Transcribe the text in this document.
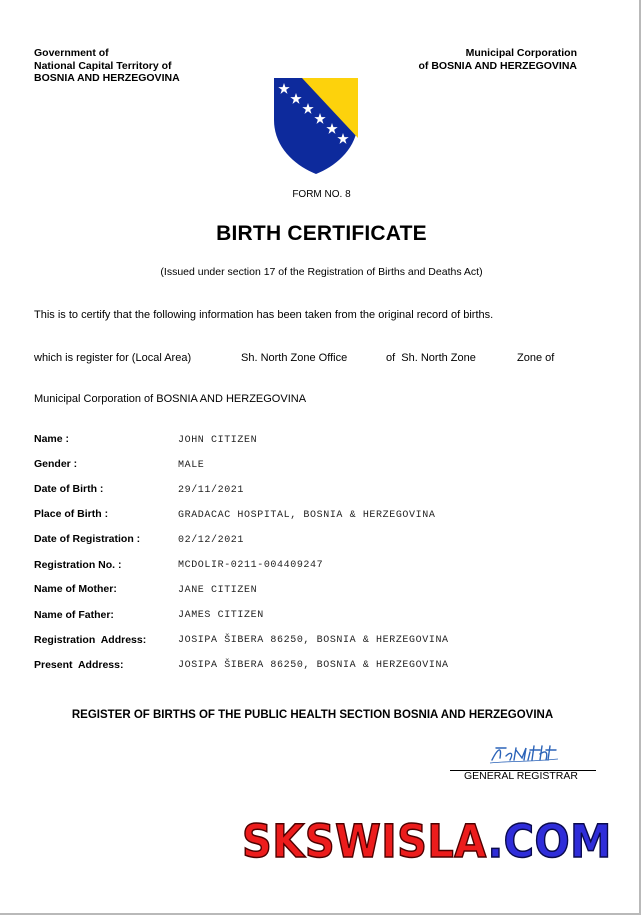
Government of
National Capital Territory of
BOSNIA AND HERZEGOVINA
Municipal Corporation
of BOSNIA AND HERZEGOVINA
FORM NO. 8
BIRTH CERTIFICATE
(Issued under section 17 of the Registration of Births and Deaths Act)
This is to certify that the following information has been taken from the original record of births.
which is register for (Local Area)	Sh. North Zone Office	of  Sh. North Zone	Zone of
Municipal Corporation of BOSNIA AND HERZEGOVINA
Name :	JOHN CITIZEN
Gender :	MALE
Date of Birth :	29/11/2021
Place of Birth :	GRADACAC HOSPITAL, BOSNIA & HERZEGOVINA
Date of Registration :	02/12/2021
Registration No. :	MCDOLIR-0211-004409247
Name of Mother:	JANE CITIZEN
Name of Father:	JAMES CITIZEN
Registration  Address:	JOSIPA ŠIBERA 86250, BOSNIA & HERZEGOVINA
Present  Address:	JOSIPA ŠIBERA 86250, BOSNIA & HERZEGOVINA
REGISTER OF BIRTHS OF THE PUBLIC HEALTH SECTION BOSNIA AND HERZEGOVINA
GENERAL REGISTRAR
SKSWISLA.COM
